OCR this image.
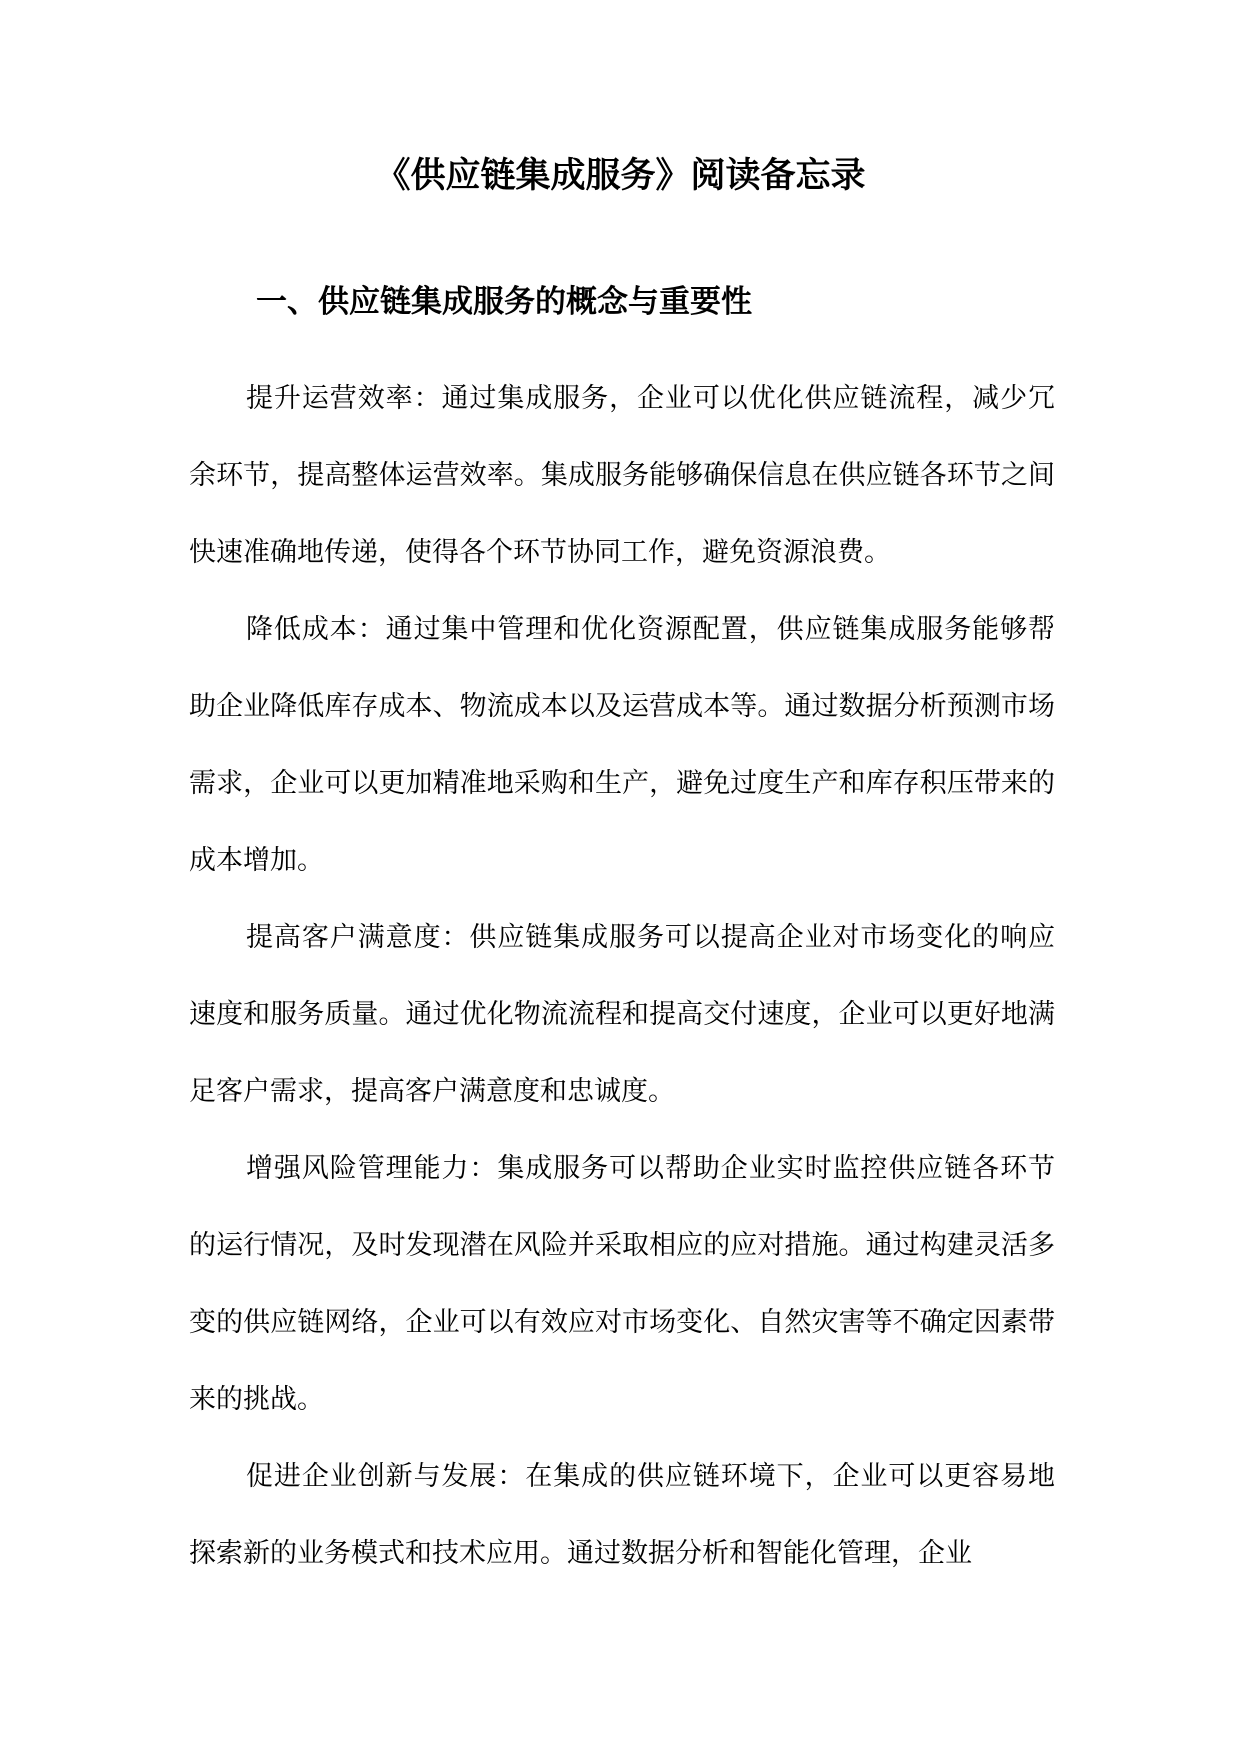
《供应链集成服务》阅读备忘录
一、供应链集成服务的概念与重要性

提升运营效率：通过集成服务，企业可以优化供应链流程，减少冗余环节，提高整体运营效率。集成服务能够确保信息在供应链各环节之间快速准确地传递，使得各个环节协同工作，避免资源浪费。

降低成本：通过集中管理和优化资源配置，供应链集成服务能够帮助企业降低库存成本、物流成本以及运营成本等。通过数据分析预测市场需求，企业可以更加精准地采购和生产，避免过度生产和库存积压带来的成本增加。

提高客户满意度：供应链集成服务可以提高企业对市场变化的响应速度和服务质量。通过优化物流流程和提高交付速度，企业可以更好地满足客户需求，提高客户满意度和忠诚度。

增强风险管理能力：集成服务可以帮助企业实时监控供应链各环节的运行情况，及时发现潜在风险并采取相应的应对措施。通过构建灵活多变的供应链网络，企业可以有效应对市场变化、自然灾害等不确定因素带来的挑战。

促进企业创新与发展：在集成的供应链环境下，企业可以更容易地探索新的业务模式和技术应用。通过数据分析和智能化管理，企业
